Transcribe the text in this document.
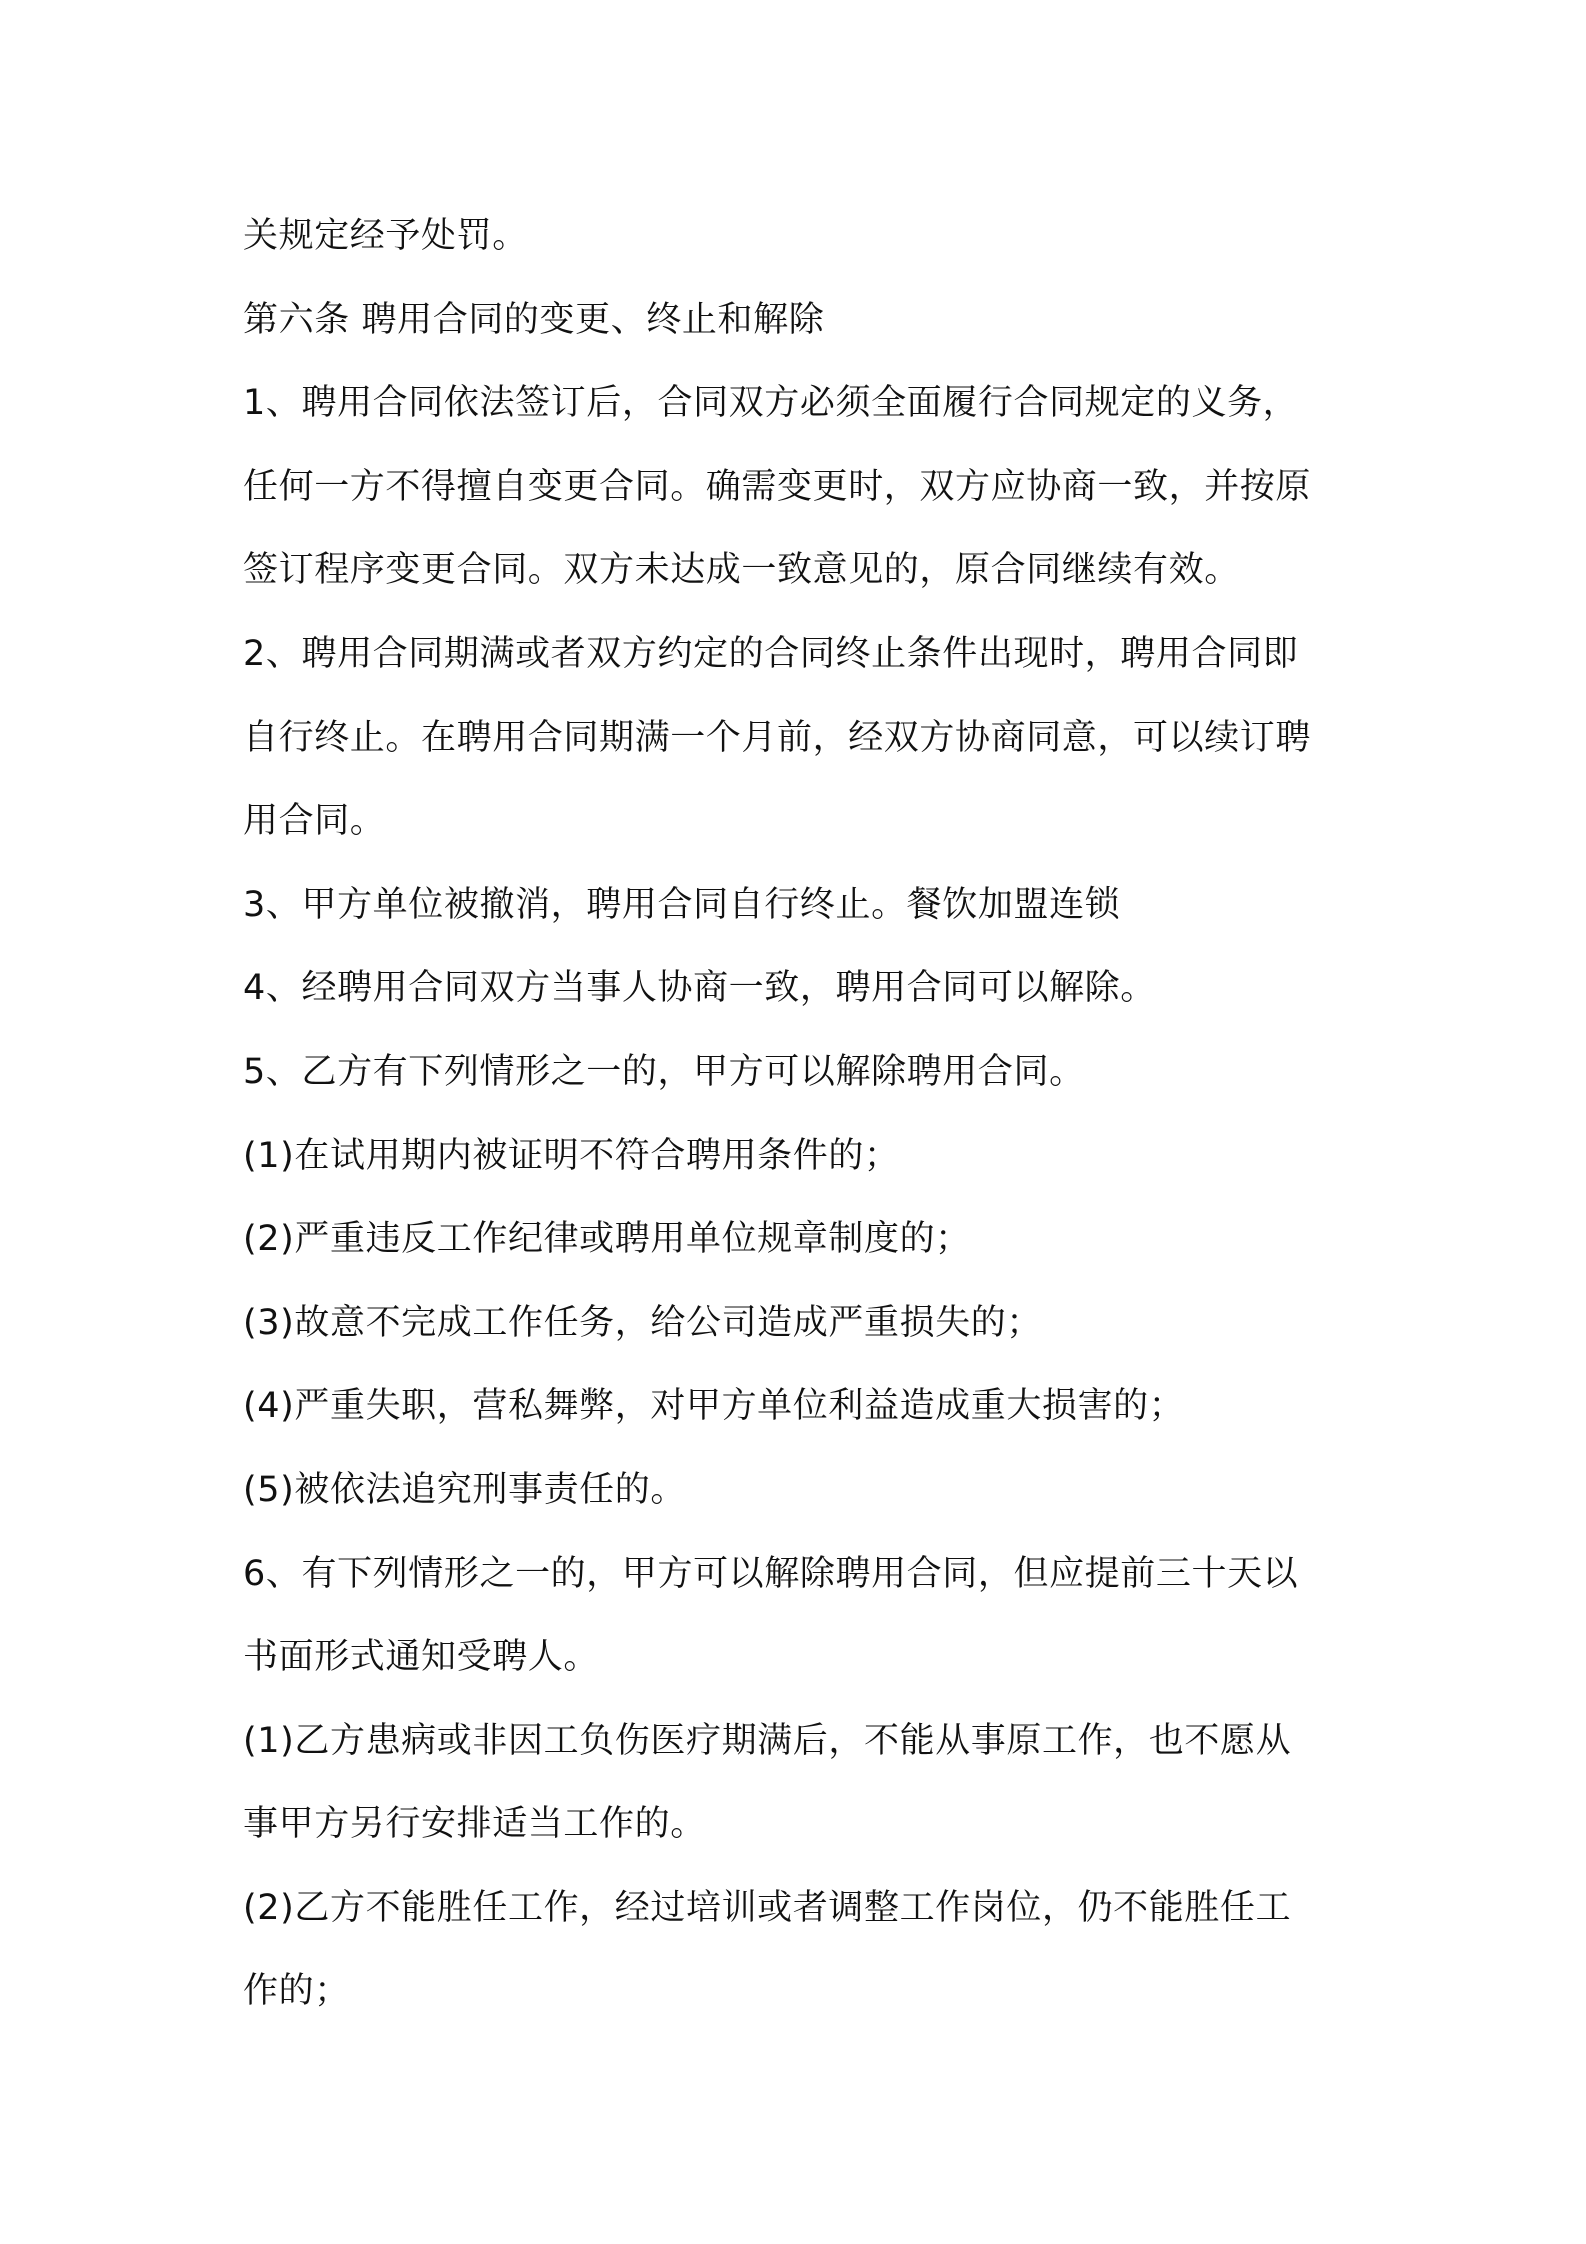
关规定经予处罚。
第六条 聘用合同的变更、终止和解除
1、聘用合同依法签订后，合同双方必须全面履行合同规定的义务，
任何一方不得擅自变更合同。确需变更时，双方应协商一致，并按原
签订程序变更合同。双方未达成一致意见的，原合同继续有效。
2、聘用合同期满或者双方约定的合同终止条件出现时，聘用合同即
自行终止。在聘用合同期满一个月前，经双方协商同意，可以续订聘
用合同。
3、甲方单位被撤消，聘用合同自行终止。餐饮加盟连锁
4、经聘用合同双方当事人协商一致，聘用合同可以解除。
5、乙方有下列情形之一的，甲方可以解除聘用合同。
(1)在试用期内被证明不符合聘用条件的；
(2)严重违反工作纪律或聘用单位规章制度的；
(3)故意不完成工作任务，给公司造成严重损失的；
(4)严重失职，营私舞弊，对甲方单位利益造成重大损害的；
(5)被依法追究刑事责任的。
6、有下列情形之一的，甲方可以解除聘用合同，但应提前三十天以
书面形式通知受聘人。
(1)乙方患病或非因工负伤医疗期满后，不能从事原工作，也不愿从
事甲方另行安排适当工作的。
(2)乙方不能胜任工作，经过培训或者调整工作岗位，仍不能胜任工
作的；
